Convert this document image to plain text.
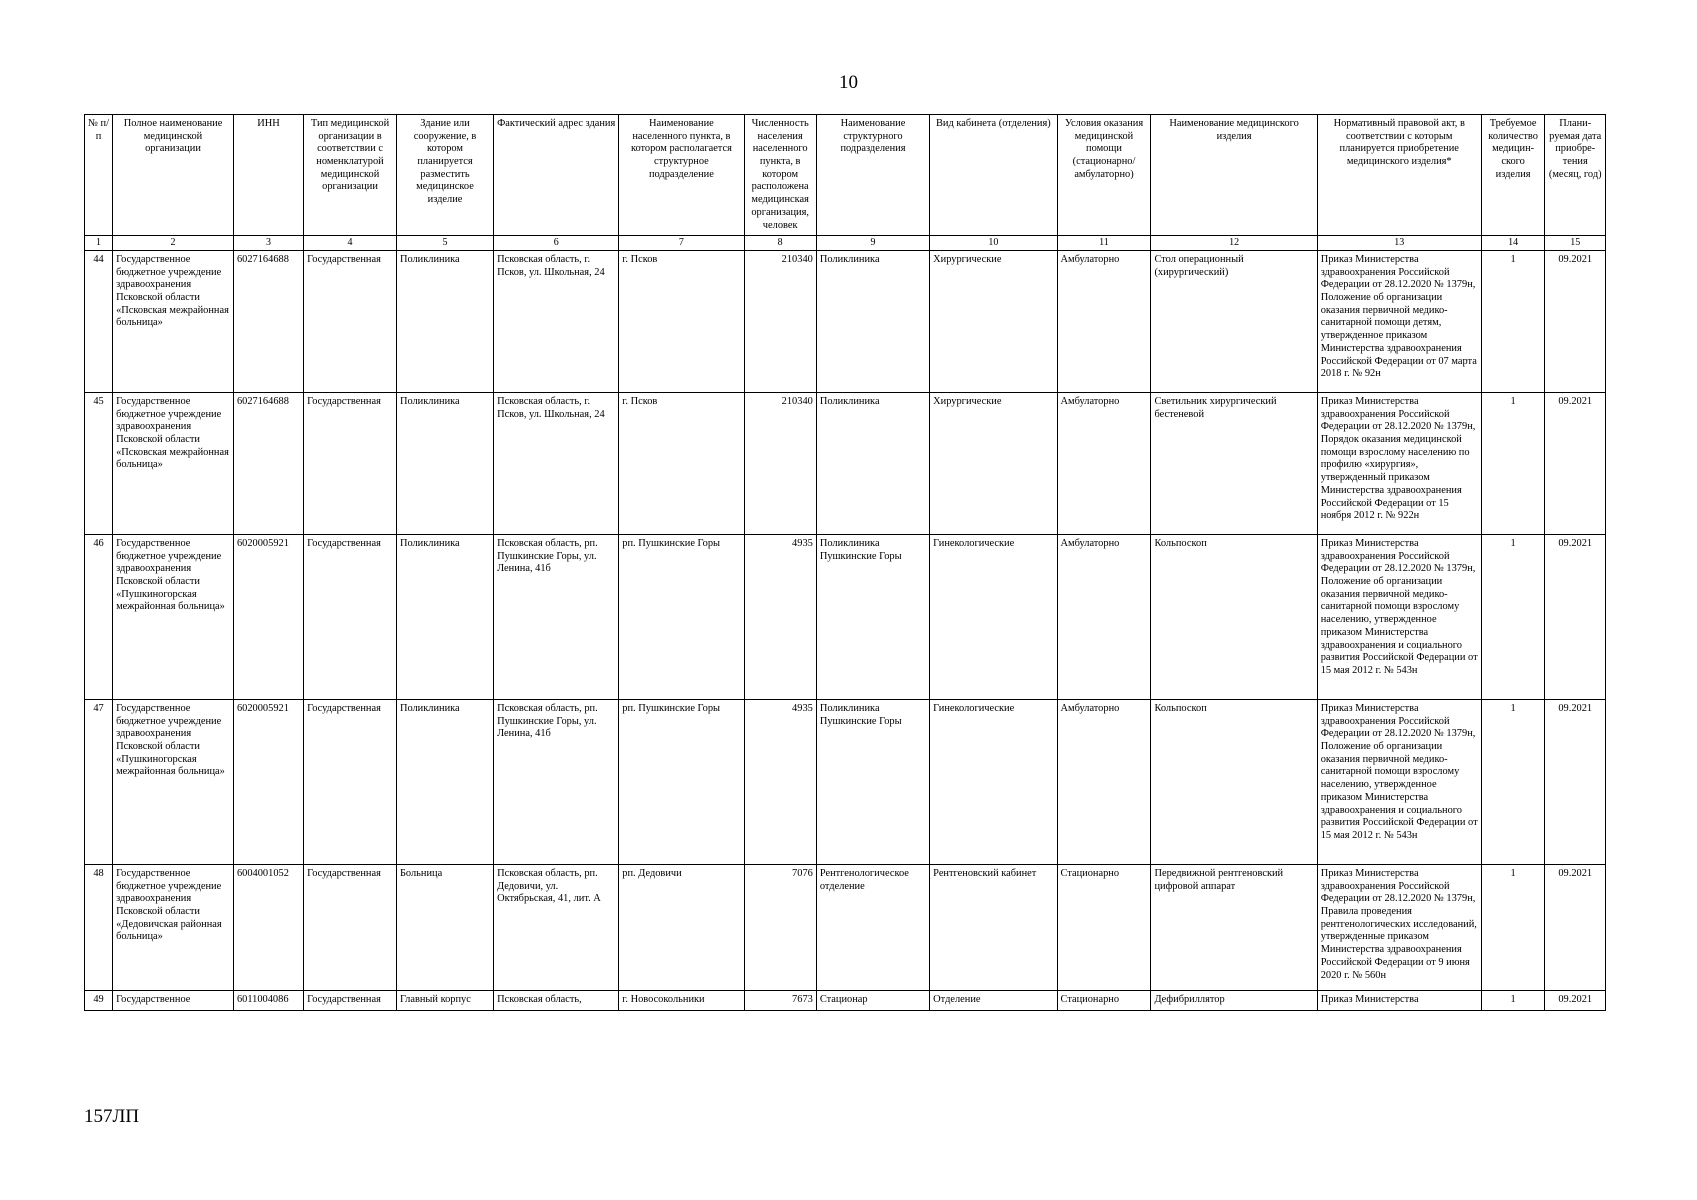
10
№ п/п	Полное наименование медицинской организации	ИНН	Тип медицинской организации в соответствии с номенклатурой медицинской организации	Здание или сооружение, в котором планируется разместить медицинское изделие	Фактический адрес здания	Наименование населенного пункта, в котором располагается структурное подразделение	Численность населения населенного пункта, в котором расположена медицинская организация, человек	Наименование структурного подразделения	Вид кабинета (отделения)	Условия оказания медицинской помощи (стационарно/ амбулаторно)	Наименование медицинского изделия	Нормативный правовой акт, в соответствии с которым планируется приобретение медицинского изделия*	Требуемое количество медицин-ского изделия	Плани-руемая дата приобре-тения (месяц, год)
1	2	3	4	5	6	7	8	9	10	11	12	13	14	15
44	Государственное бюджетное учреждение здравоохранения Псковской области «Псковская межрайонная больница»	6027164688	Государственная	Поликлиника	Псковская область, г. Псков, ул. Школьная, 24	г. Псков	210340	Поликлиника	Хирургические	Амбулаторно	Стол операционный (хирургический)	Приказ Министерства здравоохранения Российской Федерации от 28.12.2020 № 1379н, Положение об организации оказания первичной медико-санитарной помощи детям, утвержденное приказом Министерства здравоохранения Российской Федерации от 07 марта 2018 г. № 92н	1	09.2021
45	Государственное бюджетное учреждение здравоохранения Псковской области «Псковская межрайонная больница»	6027164688	Государственная	Поликлиника	Псковская область, г. Псков, ул. Школьная, 24	г. Псков	210340	Поликлиника	Хирургические	Амбулаторно	Светильник хирургический бестеневой	Приказ Министерства здравоохранения Российской Федерации от 28.12.2020 № 1379н, Порядок оказания медицинской помощи взрослому населению по профилю «хирургия», утвержденный приказом Министерства здравоохранения Российской Федерации от 15 ноября 2012 г. № 922н	1	09.2021
46	Государственное бюджетное учреждение здравоохранения Псковской области «Пушкиногорская межрайонная больница»	6020005921	Государственная	Поликлиника	Псковская область, рп. Пушкинские Горы, ул. Ленина, 41б	рп. Пушкинские Горы	4935	Поликлиника Пушкинские Горы	Гинекологические	Амбулаторно	Кольпоскоп	Приказ Министерства здравоохранения Российской Федерации от 28.12.2020 № 1379н, Положение об организации оказания первичной медико-санитарной помощи взрослому населению, утвержденное приказом Министерства здравоохранения и социального развития Российской Федерации от 15 мая 2012 г. № 543н	1	09.2021
47	Государственное бюджетное учреждение здравоохранения Псковской области «Пушкиногорская межрайонная больница»	6020005921	Государственная	Поликлиника	Псковская область, рп. Пушкинские Горы, ул. Ленина, 41б	рп. Пушкинские Горы	4935	Поликлиника Пушкинские Горы	Гинекологические	Амбулаторно	Кольпоскоп	Приказ Министерства здравоохранения Российской Федерации от 28.12.2020 № 1379н, Положение об организации оказания первичной медико-санитарной помощи взрослому населению, утвержденное приказом Министерства здравоохранения и социального развития Российской Федерации от 15 мая 2012 г. № 543н	1	09.2021
48	Государственное бюджетное учреждение здравоохранения Псковской области «Дедовичская районная больница»	6004001052	Государственная	Больница	Псковская область, рп. Дедовичи, ул. Октябрьская, 41, лит. А	рп. Дедовичи	7076	Рентгенологическое отделение	Рентгеновский кабинет	Стационарно	Передвижной рентгеновский цифровой аппарат	Приказ Министерства здравоохранения Российской Федерации от 28.12.2020 № 1379н, Правила проведения рентгенологических исследований, утвержденные приказом Министерства здравоохранения Российской Федерации от 9 июня 2020 г. № 560н	1	09.2021
49	Государственное	6011004086	Государственная	Главный корпус	Псковская область,	г. Новосокольники	7673	Стационар	Отделение	Стационарно	Дефибриллятор	Приказ Министерства	1	09.2021
157ЛП
